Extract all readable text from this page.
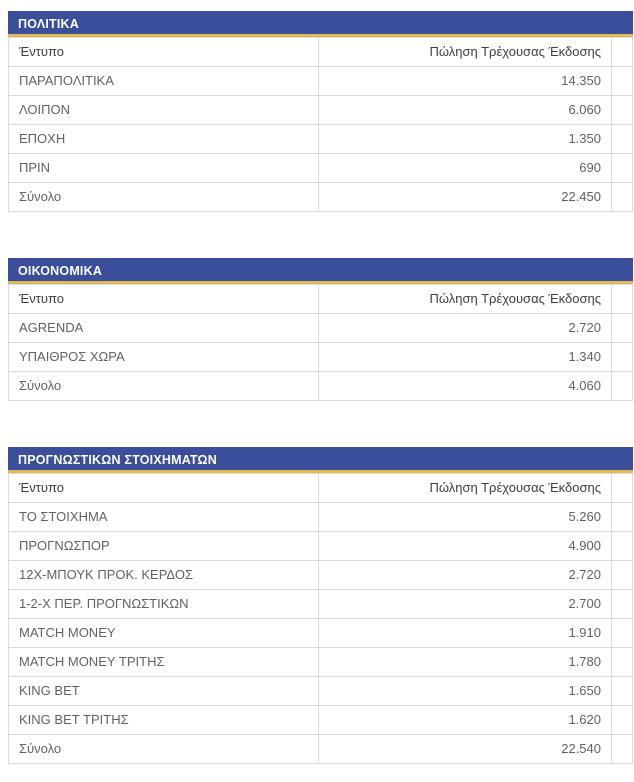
ΠΟΛΙΤΙΚΑ
Έντυπο	Πώληση Τρέχουσας Έκδοσης	
ΠΑΡΑΠΟΛΙΤΙΚΑ	14.350	
ΛΟΙΠΟΝ	6.060	
ΕΠΟΧΗ	1.350	
ΠΡΙΝ	690	
Σύνολο	22.450	
ΟΙΚΟΝΟΜΙΚΑ
Έντυπο	Πώληση Τρέχουσας Έκδοσης	
AGRENDA	2.720	
ΥΠΑΙΘΡΟΣ ΧΩΡΑ	1.340	
Σύνολο	4.060	
ΠΡΟΓΝΩΣΤΙΚΩΝ ΣΤΟΙΧΗΜΑΤΩΝ
Έντυπο	Πώληση Τρέχουσας Έκδοσης	
ΤΟ ΣΤΟΙΧΗΜΑ	5.260	
ΠΡΟΓΝΩΣΠΟΡ	4.900	
12Χ-ΜΠΟΥΚ ΠΡΟΚ. ΚΕΡΔΟΣ	2.720	
1-2-Χ ΠΕΡ. ΠΡΟΓΝΩΣΤΙΚΩΝ	2.700	
MATCH MONEY	1.910	
MATCH MONEY ΤΡΙΤΗΣ	1.780	
KING BET	1.650	
KING BET ΤΡΙΤΗΣ	1.620	
Σύνολο	22.540	
